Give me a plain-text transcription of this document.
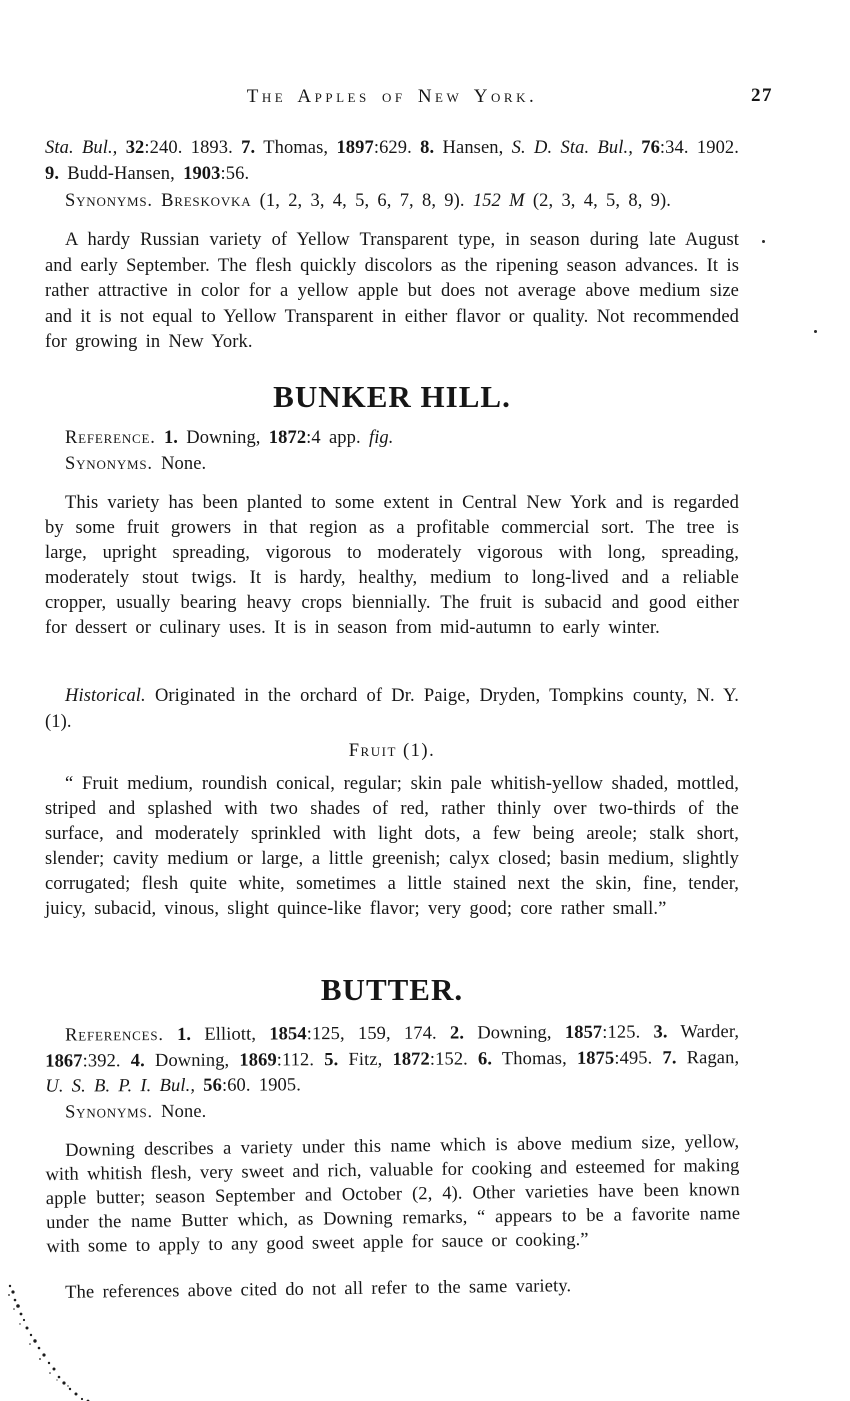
The Apples of New York.	27
Sta. Bul., 32:240. 1893. 7. Thomas, 1897:629. 8. Hansen, S. D. Sta. Bul., 76:34. 1902. 9. Budd-Hansen, 1903:56.
Synonyms. Breskovka (1, 2, 3, 4, 5, 6, 7, 8, 9). 152 M (2, 3, 4, 5, 8, 9).
A hardy Russian variety of Yellow Transparent type, in season during late August and early September. The flesh quickly discolors as the ripening season advances. It is rather attractive in color for a yellow apple but does not average above medium size and it is not equal to Yellow Transparent in either flavor or quality. Not recommended for growing in New York.
BUNKER HILL.
Reference. 1. Downing, 1872:4 app. fig.
Synonyms. None.
This variety has been planted to some extent in Central New York and is regarded by some fruit growers in that region as a profitable commercial sort. The tree is large, upright spreading, vigorous to moderately vigorous with long, spreading, moderately stout twigs. It is hardy, healthy, medium to long-lived and a reliable cropper, usually bearing heavy crops biennially. The fruit is subacid and good either for dessert or culinary uses. It is in season from mid-autumn to early winter.
Historical. Originated in the orchard of Dr. Paige, Dryden, Tompkins county, N. Y. (1).
Fruit (1).
“ Fruit medium, roundish conical, regular; skin pale whitish-yellow shaded, mottled, striped and splashed with two shades of red, rather thinly over two-thirds of the surface, and moderately sprinkled with light dots, a few being areole; stalk short, slender; cavity medium or large, a little greenish; calyx closed; basin medium, slightly corrugated; flesh quite white, sometimes a little stained next the skin, fine, tender, juicy, subacid, vinous, slight quince-like flavor; very good; core rather small.”
BUTTER.
References. 1. Elliott, 1854:125, 159, 174. 2. Downing, 1857:125. 3. Warder, 1867:392. 4. Downing, 1869:112. 5. Fitz, 1872:152. 6. Thomas, 1875:495. 7. Ragan, U. S. B. P. I. Bul., 56:60. 1905.
Synonyms. None.
Downing describes a variety under this name which is above medium size, yellow, with whitish flesh, very sweet and rich, valuable for cooking and esteemed for making apple butter; season September and October (2, 4). Other varieties have been known under the name Butter which, as Downing remarks, “ appears to be a favorite name with some to apply to any good sweet apple for sauce or cooking.”
The references above cited do not all refer to the same variety.
